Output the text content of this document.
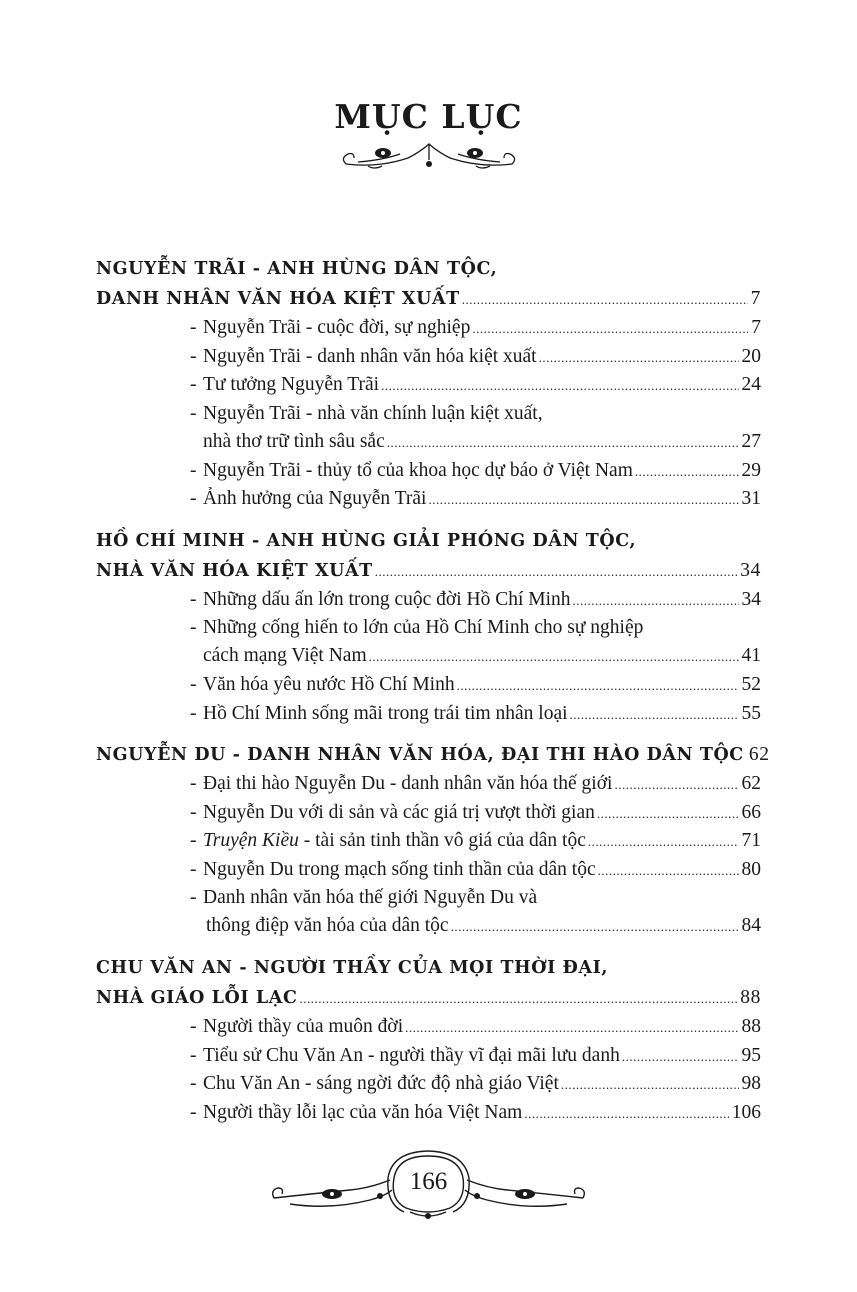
MỤC LỤC
NGUYỄN TRÃI - ANH HÙNG DÂN TỘC,
DANH NHÂN VĂN HÓA KIỆT XUẤT .....	7
- Nguyễn Trãi - cuộc đời, sự nghiệp .....	7
- Nguyễn Trãi - danh nhân văn hóa kiệt xuất .....	20
- Tư tưởng Nguyễn Trãi .....	24
- Nguyễn Trãi - nhà văn chính luận kiệt xuất,
nhà thơ trữ tình sâu sắc .....	27
- Nguyễn Trãi - thủy tổ của khoa học dự báo ở Việt Nam .....	29
- Ảnh hưởng của Nguyễn Trãi .....	31
HỒ CHÍ MINH - ANH HÙNG GIẢI PHÓNG DÂN TỘC,
NHÀ VĂN HÓA KIỆT XUẤT .....	34
- Những dấu ấn lớn trong cuộc đời Hồ Chí Minh .....	34
- Những cống hiến to lớn của Hồ Chí Minh cho sự nghiệp
cách mạng Việt Nam .....	41
- Văn hóa yêu nước Hồ Chí Minh .....	52
- Hồ Chí Minh sống mãi trong trái tim nhân loại .....	55
NGUYỄN DU - DANH NHÂN VĂN HÓA, ĐẠI THI HÀO DÂN TỘC 62
- Đại thi hào Nguyễn Du - danh nhân văn hóa thế giới .....	62
- Nguyễn Du với di sản và các giá trị vượt thời gian .....	66
- Truyện Kiều - tài sản tinh thần vô giá của dân tộc .....	71
- Nguyễn Du trong mạch sống tinh thần của dân tộc .....	80
- Danh nhân văn hóa thế giới Nguyễn Du và
thông điệp văn hóa của dân tộc .....	84
CHU VĂN AN - NGƯỜI THẦY CỦA MỌI THỜI ĐẠI,
NHÀ GIÁO LỖI LẠC .....	88
- Người thầy của muôn đời .....	88
- Tiểu sử Chu Văn An - người thầy vĩ đại mãi lưu danh .....	95
- Chu Văn An - sáng ngời đức độ nhà giáo Việt .....	98
- Người thầy lỗi lạc của văn hóa Việt Nam .....	106
166
